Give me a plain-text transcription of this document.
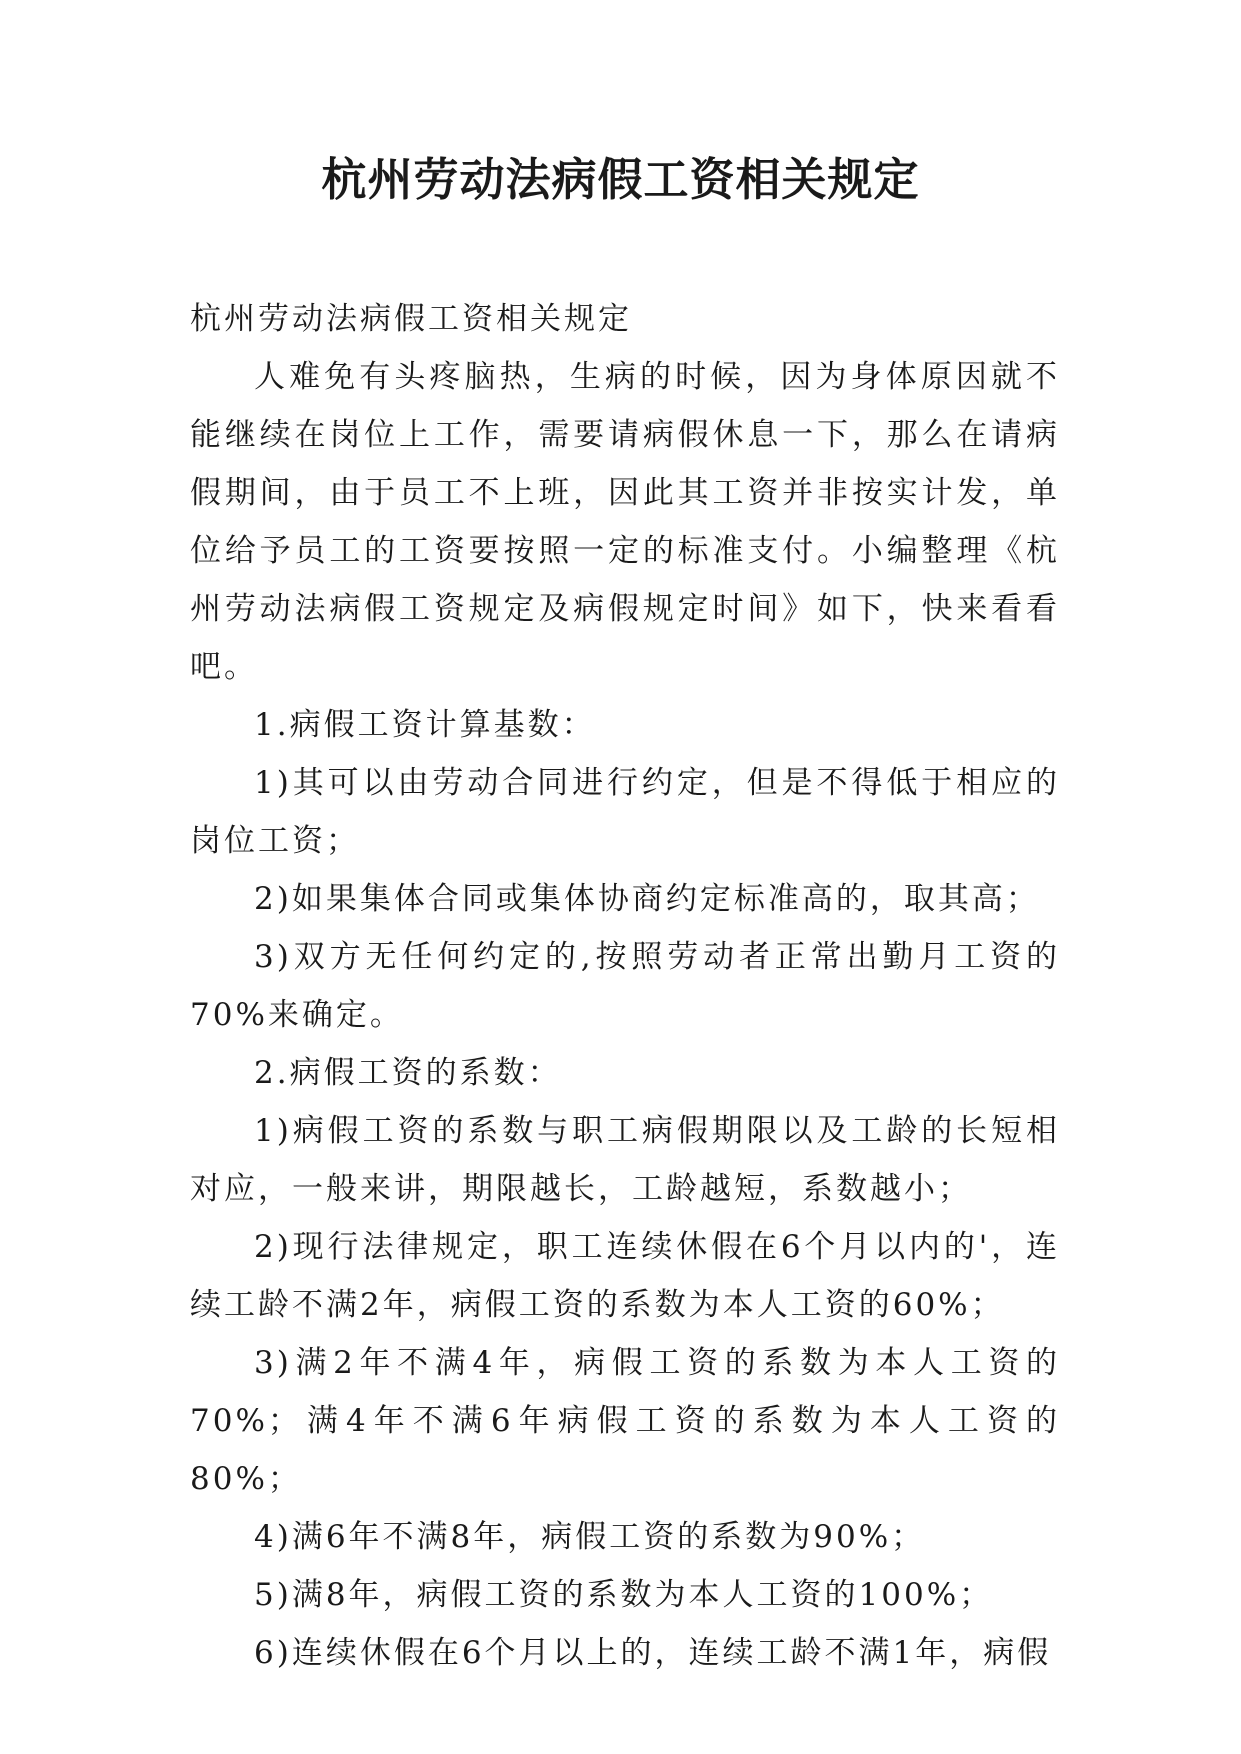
杭州劳动法病假工资相关规定

杭州劳动法病假工资相关规定

人难免有头疼脑热，生病的时候，因为身体原因就不能继续在岗位上工作，需要请病假休息一下，那么在请病假期间，由于员工不上班，因此其工资并非按实计发，单位给予员工的工资要按照一定的标准支付。小编整理《杭州劳动法病假工资规定及病假规定时间》如下，快来看看吧。

1.病假工资计算基数：

1)其可以由劳动合同进行约定，但是不得低于相应的岗位工资；

2)如果集体合同或集体协商约定标准高的，取其高；

3)双方无任何约定的,按照劳动者正常出勤月工资的70%来确定。

2.病假工资的系数：

1)病假工资的系数与职工病假期限以及工龄的长短相对应，一般来讲，期限越长，工龄越短，系数越小；

2)现行法律规定，职工连续休假在6个月以内的'，连续工龄不满2年，病假工资的系数为本人工资的60%；

3)满2年不满4年，病假工资的系数为本人工资的70%；满4年不满6年病假工资的系数为本人工资的80%；

4)满6年不满8年，病假工资的系数为90%；

5)满8年，病假工资的系数为本人工资的100%；

6)连续休假在6个月以上的，连续工龄不满1年，病假
